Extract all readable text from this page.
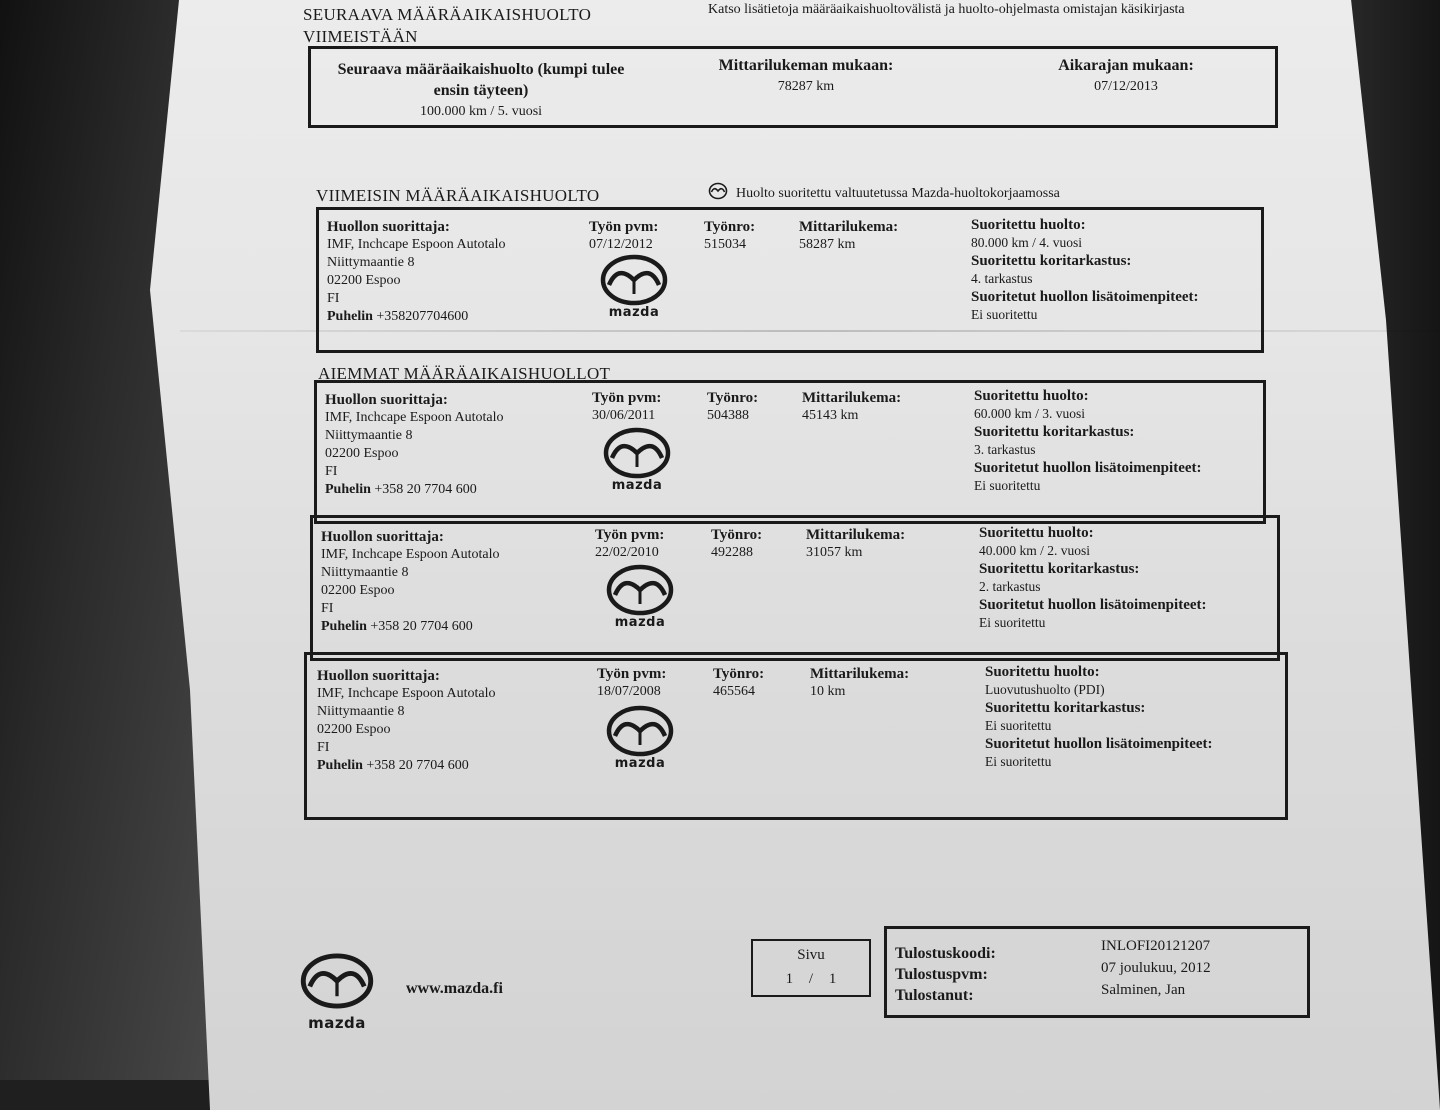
SEURAAVA MÄÄRÄAIKAISHUOLTO
VIIMEISTÄÄN
Katso lisätietoja määräaikaishuoltovälistä ja huolto-ohjelmasta omistajan käsikirjasta
Seuraava määräaikaishuolto (kumpi tulee
ensin täyteen)
100.000 km / 5. vuosi
Mittarilukeman mukaan:
78287 km
Aikarajan mukaan:
07/12/2013
VIIMEISIN MÄÄRÄAIKAISHUOLTO	Huolto suoritettu valtuutetussa Mazda-huoltokorjaamossa
Huollon suorittaja:
IMF, Inchcape Espoon Autotalo
Niittymaantie 8
02200 Espoo
FI
Puhelin +358207704600
Työn pvm:
07/12/2012
Työnro:
515034
Mittarilukema:
58287 km
Suoritettu huolto:
80.000 km / 4. vuosi
Suoritettu koritarkastus:
4. tarkastus
Suoritetut huollon lisätoimenpiteet:
Ei suoritettu
mazda
AIEMMAT MÄÄRÄAIKAISHUOLLOT
Huollon suorittaja:
IMF, Inchcape Espoon Autotalo
Niittymaantie 8
02200 Espoo
FI
Puhelin +358 20 7704 600
Työn pvm:
30/06/2011
Työnro:
504388
Mittarilukema:
45143 km
Suoritettu huolto:
60.000 km / 3. vuosi
Suoritettu koritarkastus:
3. tarkastus
Suoritetut huollon lisätoimenpiteet:
Ei suoritettu
mazda
Huollon suorittaja:
IMF, Inchcape Espoon Autotalo
Niittymaantie 8
02200 Espoo
FI
Puhelin +358 20 7704 600
Työn pvm:
22/02/2010
Työnro:
492288
Mittarilukema:
31057 km
Suoritettu huolto:
40.000 km / 2. vuosi
Suoritettu koritarkastus:
2. tarkastus
Suoritetut huollon lisätoimenpiteet:
Ei suoritettu
mazda
Huollon suorittaja:
IMF, Inchcape Espoon Autotalo
Niittymaantie 8
02200 Espoo
FI
Puhelin +358 20 7704 600
Työn pvm:
18/07/2008
Työnro:
465564
Mittarilukema:
10 km
Suoritettu huolto:
Luovutushuolto (PDI)
Suoritettu koritarkastus:
Ei suoritettu
Suoritetut huollon lisätoimenpiteet:
Ei suoritettu
mazda
mazda
www.mazda.fi
Sivu
1 / 1
Tulostuskoodi:
Tulostuspvm:
Tulostanut:
INLOFI20121207
07 joulukuu, 2012
Salminen, Jan
